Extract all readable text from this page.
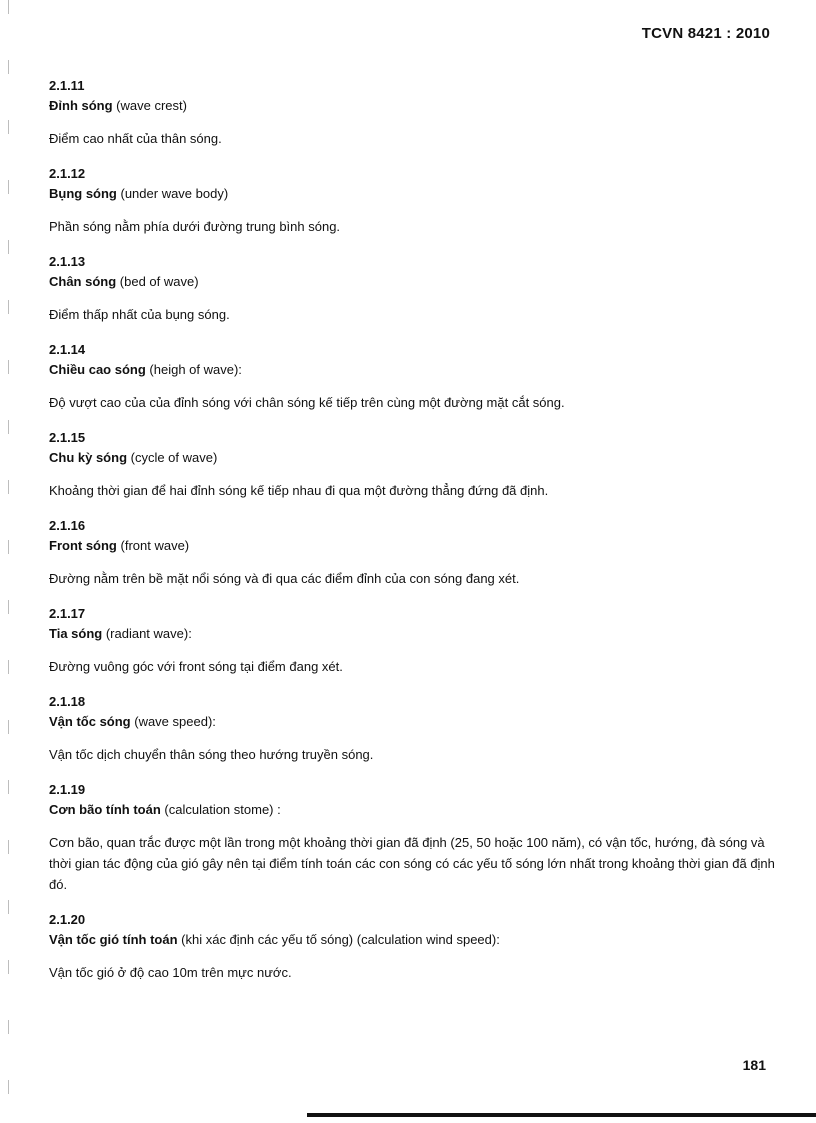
TCVN 8421 : 2010

2.1.11

Đỉnh sóng (wave crest)

Điểm cao nhất của thân sóng.

2.1.12

Bụng sóng (under wave body)

Phần sóng nằm phía dưới đường trung bình sóng.

2.1.13

Chân sóng (bed of wave)

Điểm thấp nhất của bụng sóng.

2.1.14

Chiều cao sóng (heigh of wave):

Độ vượt cao của của đỉnh sóng với chân sóng kế tiếp trên cùng một đường mặt cắt sóng.

2.1.15

Chu kỳ sóng (cycle of wave)

Khoảng thời gian để hai đỉnh sóng kế tiếp nhau đi qua một đường thẳng đứng đã định.

2.1.16

Front sóng (front wave)

Đường nằm trên bề mặt nổi sóng và đi qua các điểm đỉnh của con sóng đang xét.

2.1.17

Tia sóng (radiant wave):

Đường vuông góc với front sóng tại điểm đang xét.

2.1.18

Vận tốc sóng (wave speed):

Vận tốc dịch chuyển thân sóng theo hướng truyền sóng.

2.1.19

Cơn bão tính toán (calculation stome) :

Cơn bão, quan trắc được một lần trong một khoảng thời gian đã định (25, 50 hoặc 100 năm), có vận tốc, hướng, đà sóng và thời gian tác động của gió gây nên tại điểm tính toán các con sóng có các yếu tố sóng lớn nhất trong khoảng thời gian đã định đó.

2.1.20

Vận tốc gió tính toán (khi xác định các yếu tố sóng) (calculation wind speed):

Vận tốc gió ở độ cao 10m trên mực nước.

181
